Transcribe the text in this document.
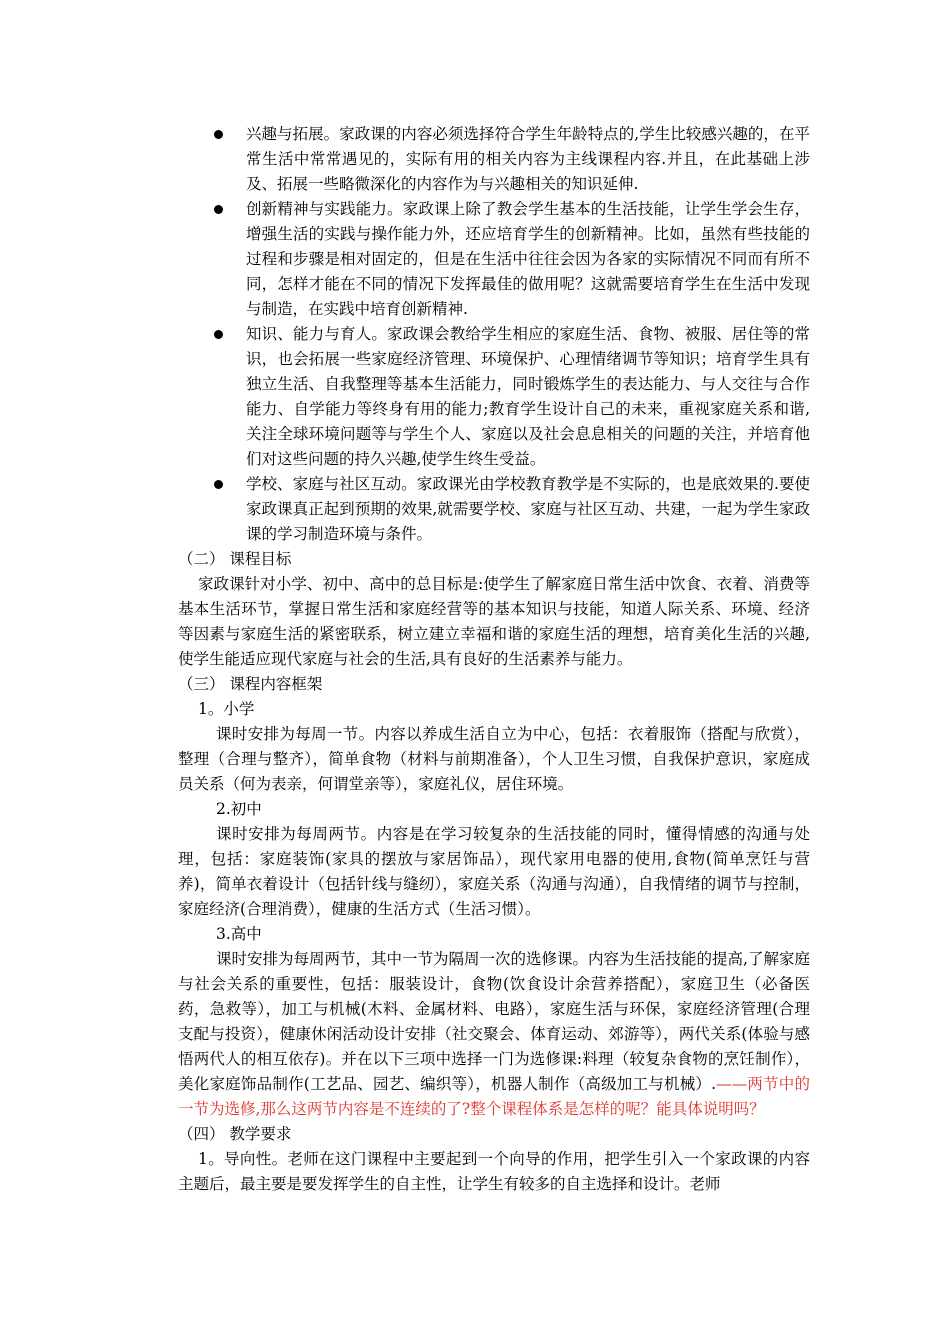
兴趣与拓展。家政课的内容必须选择符合学生年龄特点的,学生比较感兴趣的，在平常生活中常常遇见的，实际有用的相关内容为主线课程内容.并且，在此基础上涉及、拓展一些略微深化的内容作为与兴趣相关的知识延伸.
创新精神与实践能力。家政课上除了教会学生基本的生活技能，让学生学会生存，增强生活的实践与操作能力外，还应培育学生的创新精神。比如，虽然有些技能的过程和步骤是相对固定的，但是在生活中往往会因为各家的实际情况不同而有所不同，怎样才能在不同的情况下发挥最佳的做用呢？这就需要培育学生在生活中发现与制造，在实践中培育创新精神.
知识、能力与育人。家政课会教给学生相应的家庭生活、食物、被服、居住等的常识，也会拓展一些家庭经济管理、环境保护、心理情绪调节等知识；培育学生具有独立生活、自我整理等基本生活能力，同时锻炼学生的表达能力、与人交往与合作能力、自学能力等终身有用的能力;教育学生设计自己的未来，重视家庭关系和谐,关注全球环境问题等与学生个人、家庭以及社会息息相关的问题的关注，并培育他们对这些问题的持久兴趣,使学生终生受益。
学校、家庭与社区互动。家政课光由学校教育教学是不实际的，也是底效果的.要使家政课真正起到预期的效果,就需要学校、家庭与社区互动、共建，一起为学生家政课的学习制造环境与条件。

（二） 课程目标

家政课针对小学、初中、高中的总目标是:使学生了解家庭日常生活中饮食、衣着、消费等基本生活环节，掌握日常生活和家庭经营等的基本知识与技能，知道人际关系、环境、经济等因素与家庭生活的紧密联系，树立建立幸福和谐的家庭生活的理想，培育美化生活的兴趣,使学生能适应现代家庭与社会的生活,具有良好的生活素养与能力。

（三） 课程内容框架

1。小学

课时安排为每周一节。内容以养成生活自立为中心，包括：衣着服饰（搭配与欣赏），整理（合理与整齐），简单食物（材料与前期准备），个人卫生习惯，自我保护意识，家庭成员关系（何为表亲，何谓堂亲等），家庭礼仪，居住环境。

2.初中

课时安排为每周两节。内容是在学习较复杂的生活技能的同时，懂得情感的沟通与处理，包括：家庭装饰(家具的摆放与家居饰品），现代家用电器的使用,食物(简单烹饪与营养)，简单衣着设计（包括针线与缝纫），家庭关系（沟通与沟通），自我情绪的调节与控制，家庭经济(合理消费），健康的生活方式（生活习惯）。

3.高中

课时安排为每周两节，其中一节为隔周一次的选修课。内容为生活技能的提高,了解家庭与社会关系的重要性，包括：服装设计，食物(饮食设计余营养搭配），家庭卫生（必备医药，急救等），加工与机械(木料、金属材料、电路），家庭生活与环保，家庭经济管理(合理支配与投资），健康休闲活动设计安排（社交聚会、体育运动、郊游等），两代关系(体验与感悟两代人的相互依存)。并在以下三项中选择一门为选修课:料理（较复杂食物的烹饪制作），美化家庭饰品制作(工艺品、园艺、编织等），机器人制作（高级加工与机械）.——两节中的一节为选修,那么这两节内容是不连续的了?整个课程体系是怎样的呢？能具体说明吗？

（四） 教学要求

1。导向性。老师在这门课程中主要起到一个向导的作用，把学生引入一个家政课的内容主题后，最主要是要发挥学生的自主性，让学生有较多的自主选择和设计。老师
